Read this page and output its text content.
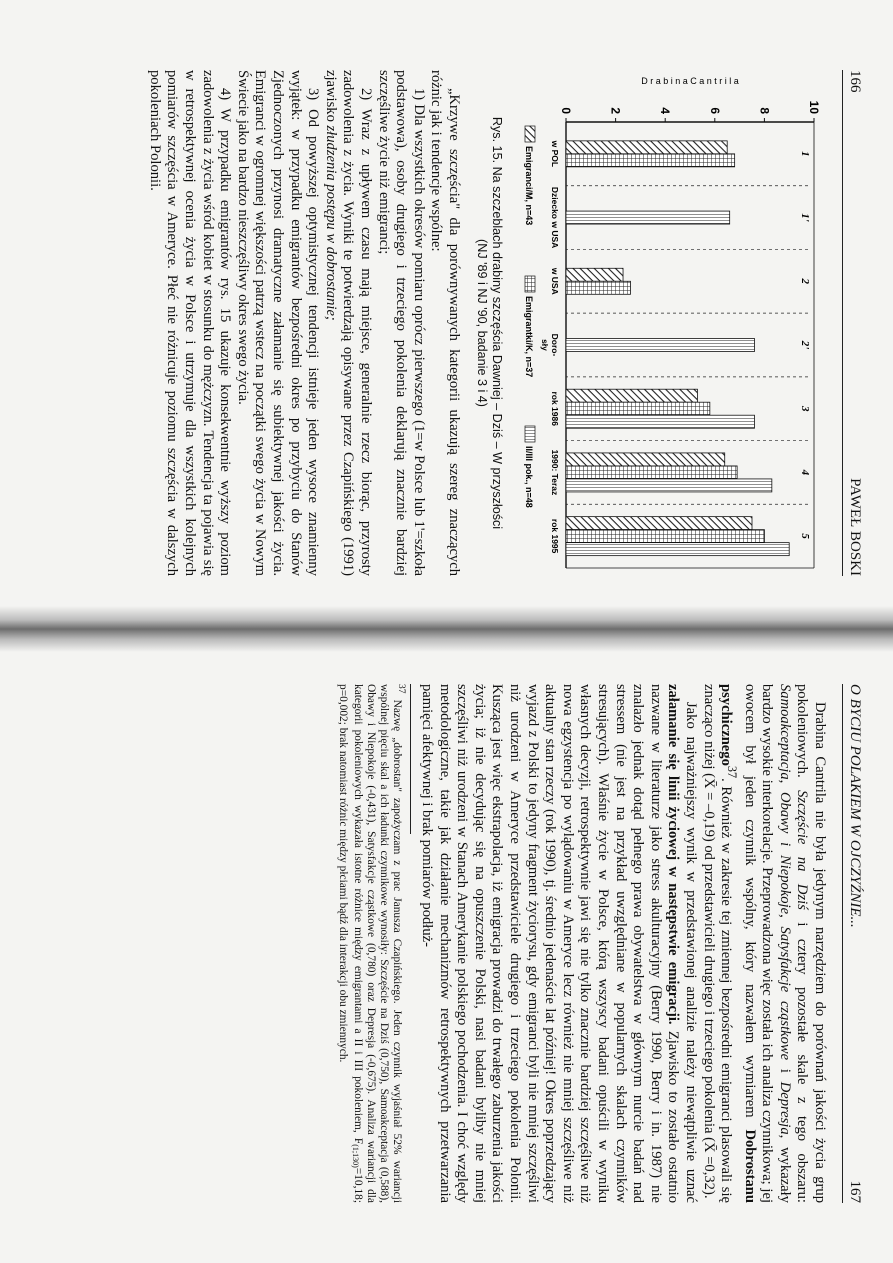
166
PAWEŁ BOSKI
0	2	4	6	8	10
D r a b i n a C a n t r i l a
1
w POL
1'
Dziecko w USA
2
w USA
2'
Doro-
sły
3
rok 1986
4
1990: Teraz
5
rok 1995
Emigranci/M, n=43
Emigrantki/K, n=37
II/III pok., n=48
Rys. 15. Na szczeblach drabiny szczęścia Dawniej – Dziś – W przyszłości
(NJ '89 i NJ '90, badanie 3 i 4)

„Krzywe szczęścia" dla porównywanych kategorii ukazują szereg znaczących różnic jak i tendencje wspólne:

1) Dla wszystkich okresów pomiaru oprócz pierwszego (1=w Polsce lub 1'=szkoła podstawowa), osoby drugiego i trzeciego pokolenia deklarują znacznie bardziej szczęśliwe życie niż emigranci;

2) Wraz z upływem czasu mają miejsce, generalnie rzecz biorąc, przyrosty zadowolenia z życia. Wyniki te potwierdzają opisywane przez Czapińskiego (1991) zjawisko złudzenia postępu w dobrostanie;

3) Od powyższej optymistycznej tendencji istnieje jeden wysoce znamienny wyjątek: w przypadku emigrantów bezpośredni okres po przybyciu do Stanów Zjednoczonych przynosi dramatyczne załamanie się subiektywnej jakości życia. Emigranci w ogromnej większości patrzą wstecz na początki swego życia w Nowym Świecie jako na bardzo nieszczęśliwy okres swego życia.

4) W przypadku emigrantów rys. 15 ukazuje konsekwentnie wyższy poziom zadowolenia z życia wśród kobiet w stosunku do mężczyzn. Tendencja ta pojawia się w retrospektywnej ocenia życia w Polsce i utrzymuje dla wszystkich kolejnych pomiarów szczęścia w Ameryce. Płeć nie różnicuje poziomu szczęścia w dalszych pokoleniach Polonii.

O BYCIU POLAKIEM W OJCZYŹNIE...
167

Drabina Cantrila nie była jedynym narzędziem do porównań jakości życia grup pokoleniowych. Szczęście na Dziś i cztery pozostałe skale z tego obszaru: Samoakceptacja, Obawy i Niepokoje, Satysfakcje cząstkowe i Depresja, wykazały bardzo wysokie interkorelacje. Przeprowadzona więc została ich analiza czynnikowa; jej owocem był jeden czynnik wspólny, który nazwałem wymiarem Dobrostanu psychicznego$^{37}$. Również w zakresie tej zmiennej bezpośredni emigranci plasowali się znacząco niżej (X̄ = –0,19) od przedstawicieli drugiego i trzeciego pokolenia (X̄ =0,32).

Jako najważniejszy wynik w przedstawionej analizie należy niewątpliwie uznać załamanie się linii życiowej w następstwie emigracji. Zjawisko to zostało ostatnio nazwane w literaturze jako stress akulturacyjny (Berry 1990, Berry i in. 1987) nie znalazło jednak dotąd pełnego prawa obywatelstwa w głównym nurcie badań nad stressem (nie jest na przykład uwzględniane w popularnych skalach czynników stresujących). Właśnie życie w Polsce, którą wszyscy badani opuścili w wyniku własnych decyzji, retrospektywnie jawi się nie tylko znacznie bardziej szczęśliwe niż nowa egzystencja po wylądowaniu w Ameryce lecz również nie mniej szczęśliwe niż aktualny stan rzeczy (rok 1990), tj. średnio jedenaście lat później! Okres poprzedzający wyjazd z Polski to jedyny fragment życiorysu, gdy emigranci byli nie mniej szczęśliwi niż urodzeni w Ameryce przedstawiciele drugiego i trzeciego pokolenia Polonii. Kusząca jest więc ekstrapolacja, iż emigracja prowadzi do trwałego zaburzenia jakości życia; iż nie decydując się na opuszczenie Polski, nasi badani byliby nie mniej szczęśliwi niż urodzeni w Stanach Amerykanie polskiego pochodzenia. I choć względy metodologiczne, takie jak działanie mechanizmów retrospektywnych przetwarzania pamięci afektywnej i brak pomiarów podłuż-

$^{37}$ Nazwę „dobrostan" zapożyczam z prac Janusza Czapińskiego. Jeden czynnik wyjaśniał 52% wariancji wspólnej pięciu skal a ich ładunki czynnikowe wynosiły: Szczęście na Dziś (0,750), Samoakceptacja (0,588), Obawy i Niepokoje (-0,431), Satysfakcje cząstkowe (0,780) oraz Depresja (-0,675). Analiza wariancji dla kategorii pokoleniowych wykazała istotne różnice między emigrantami a II i III pokoleniem, $F_{(1;130)}=10,18$; p=0,002; brak natomiast różnic między płciami bądź dla interakcji obu zmiennych.
